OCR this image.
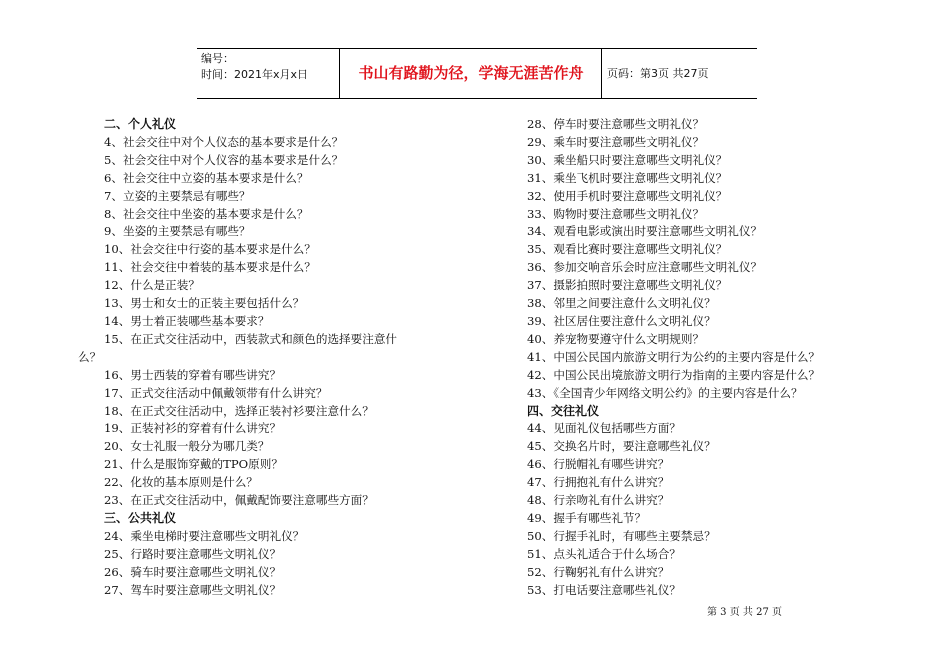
编号：
时间：2021年x月x日	书山有路勤为径，学海无涯苦作舟	页码：第3页 共27页
二、个人礼仪
4、社会交往中对个人仪态的基本要求是什么？
5、社会交往中对个人仪容的基本要求是什么？
6、社会交往中立姿的基本要求是什么？
7、立姿的主要禁忌有哪些？
8、社会交往中坐姿的基本要求是什么？
9、坐姿的主要禁忌有哪些？
10、社会交往中行姿的基本要求是什么？
11、社会交往中着装的基本要求是什么？
12、什么是正装？
13、男士和女士的正装主要包括什么？
14、男士着正装哪些基本要求？
15、在正式交往活动中，西装款式和颜色的选择要注意什
么？
16、男士西装的穿着有哪些讲究？
17、正式交往活动中佩戴领带有什么讲究？
18、在正式交往活动中，选择正装衬衫要注意什么？
19、正装衬衫的穿着有什么讲究？
20、女士礼服一般分为哪几类？
21、什么是服饰穿戴的TPO原则？
22、化妆的基本原则是什么？
23、在正式交往活动中，佩戴配饰要注意哪些方面？
三、公共礼仪
24、乘坐电梯时要注意哪些文明礼仪？
25、行路时要注意哪些文明礼仪？
26、骑车时要注意哪些文明礼仪？
27、驾车时要注意哪些文明礼仪？
28、停车时要注意哪些文明礼仪？
29、乘车时要注意哪些文明礼仪？
30、乘坐船只时要注意哪些文明礼仪？
31、乘坐飞机时要注意哪些文明礼仪？
32、使用手机时要注意哪些文明礼仪？
33、购物时要注意哪些文明礼仪？
34、观看电影或演出时要注意哪些文明礼仪？
35、观看比赛时要注意哪些文明礼仪？
36、参加交响音乐会时应注意哪些文明礼仪？
37、摄影拍照时要注意哪些文明礼仪？
38、邻里之间要注意什么文明礼仪？
39、社区居住要注意什么文明礼仪？
40、养宠物要遵守什么文明规则？
41、中国公民国内旅游文明行为公约的主要内容是什么？
42、中国公民出境旅游文明行为指南的主要内容是什么？
43、《全国青少年网络文明公约》的主要内容是什么？
四、交往礼仪
44、见面礼仪包括哪些方面？
45、交换名片时，要注意哪些礼仪？
46、行脱帽礼有哪些讲究？
47、行拥抱礼有什么讲究？
48、行亲吻礼有什么讲究？
49、握手有哪些礼节？
50、行握手礼时，有哪些主要禁忌？
51、点头礼适合于什么场合？
52、行鞠躬礼有什么讲究？
53、打电话要注意哪些礼仪？
第 3 页 共 27 页
